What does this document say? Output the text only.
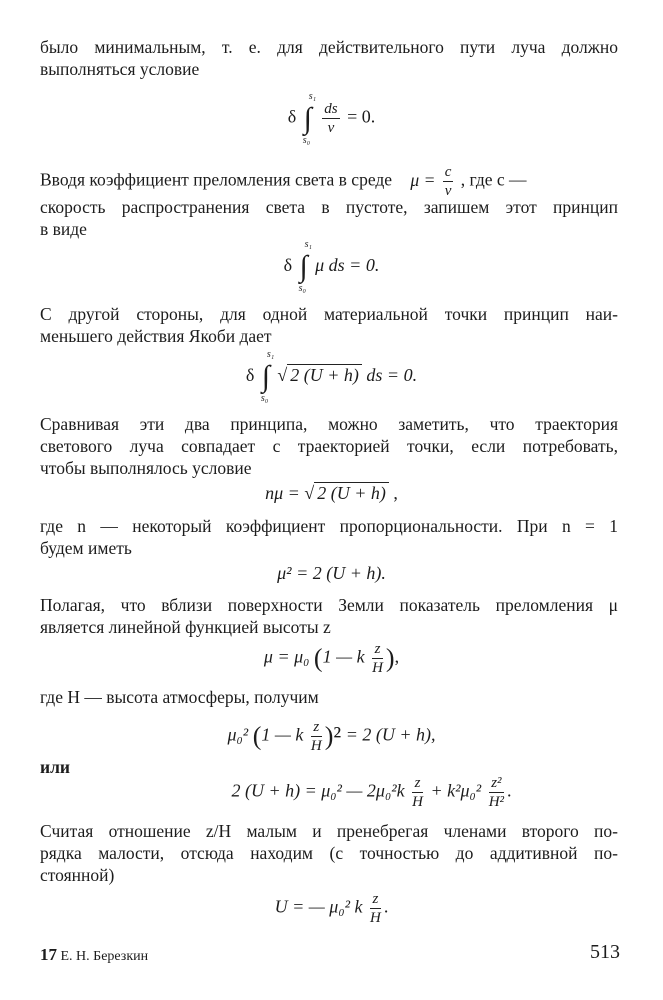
было минимальным, т. е. для действительного пути луча должно
выполняться условие

δ ∫
s₁
s₀

$\frac{ds}{v} = 0$.
Вводя коэффициент преломления света в среде $\mu = \frac{c}{v}$ , где c —

скорость распространения света в пустоте, запишем этот принцип
в виде

δ ∫
s₁
s₀
μ ds = 0.

С другой стороны, для одной материальной точки принцип наи-
меньшего действия Якоби дает

δ ∫
s₁
s₀
√ 2 (U + h) ds = 0.

Сравнивая эти два принципа, можно заметить, что траектория
светового луча совпадает с траекторией точки, если потребовать,
чтобы выполнялось условие

nμ = √ 2 (U + h) ,

где n — некоторый коэффициент пропорциональности. При n = 1
будем иметь

μ² = 2 (U + h).

Полагая, что вблизи поверхности Земли показатель преломления μ
является линейной функцией высоты z

μ = μ₀ (1 — k $\frac{z}{H}$ ),

где H — высота атмосферы, получим

μ₀² (1 — k $\frac{z}{H} )^2 = 2$ (U + h),

или

2 (U + h) = μ₀² — $2\mu_0^2k \frac{z}{H} + k^2\mu_0^2 \frac{\text{z²}}{\text{H²}}$ .

Считая отношение z/H малым и пренебрегая членами второго по-
рядка малости, отсюда находим (с точностью до аддитивной по-
стоянной)

U = — μ₀² k $\frac{z}{H}$ .
17 Е. Н. Березкин	513
